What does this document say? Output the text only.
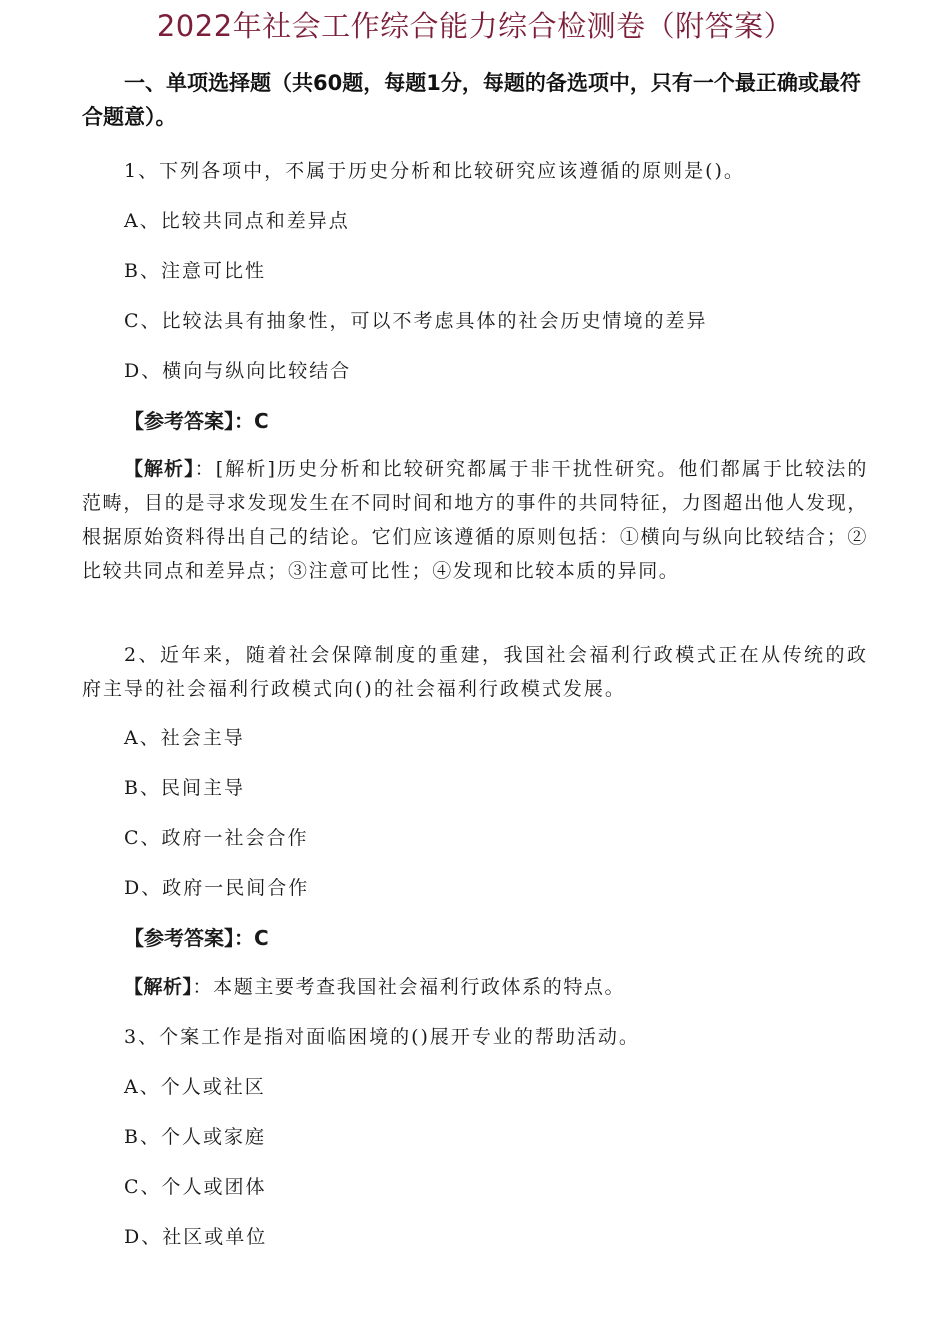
2022年社会工作综合能力综合检测卷（附答案）
一、单项选择题（共60题，每题1分，每题的备选项中，只有一个最正确或最符合题意）。
1、下列各项中，不属于历史分析和比较研究应该遵循的原则是()。
A、比较共同点和差异点
B、注意可比性
C、比较法具有抽象性，可以不考虑具体的社会历史情境的差异
D、横向与纵向比较结合
【参考答案】：C
【解析】：[解析]历史分析和比较研究都属于非干扰性研究。他们都属于比较法的范畴，目的是寻求发现发生在不同时间和地方的事件的共同特征，力图超出他人发现，根据原始资料得出自己的结论。它们应该遵循的原则包括：①横向与纵向比较结合；②比较共同点和差异点；③注意可比性；④发现和比较本质的异同。
2、近年来，随着社会保障制度的重建，我国社会福利行政模式正在从传统的政府主导的社会福利行政模式向()的社会福利行政模式发展。
A、社会主导
B、民间主导
C、政府一社会合作
D、政府一民间合作
【参考答案】：C
【解析】：本题主要考查我国社会福利行政体系的特点。
3、个案工作是指对面临困境的()展开专业的帮助活动。
A、个人或社区
B、个人或家庭
C、个人或团体
D、社区或单位
